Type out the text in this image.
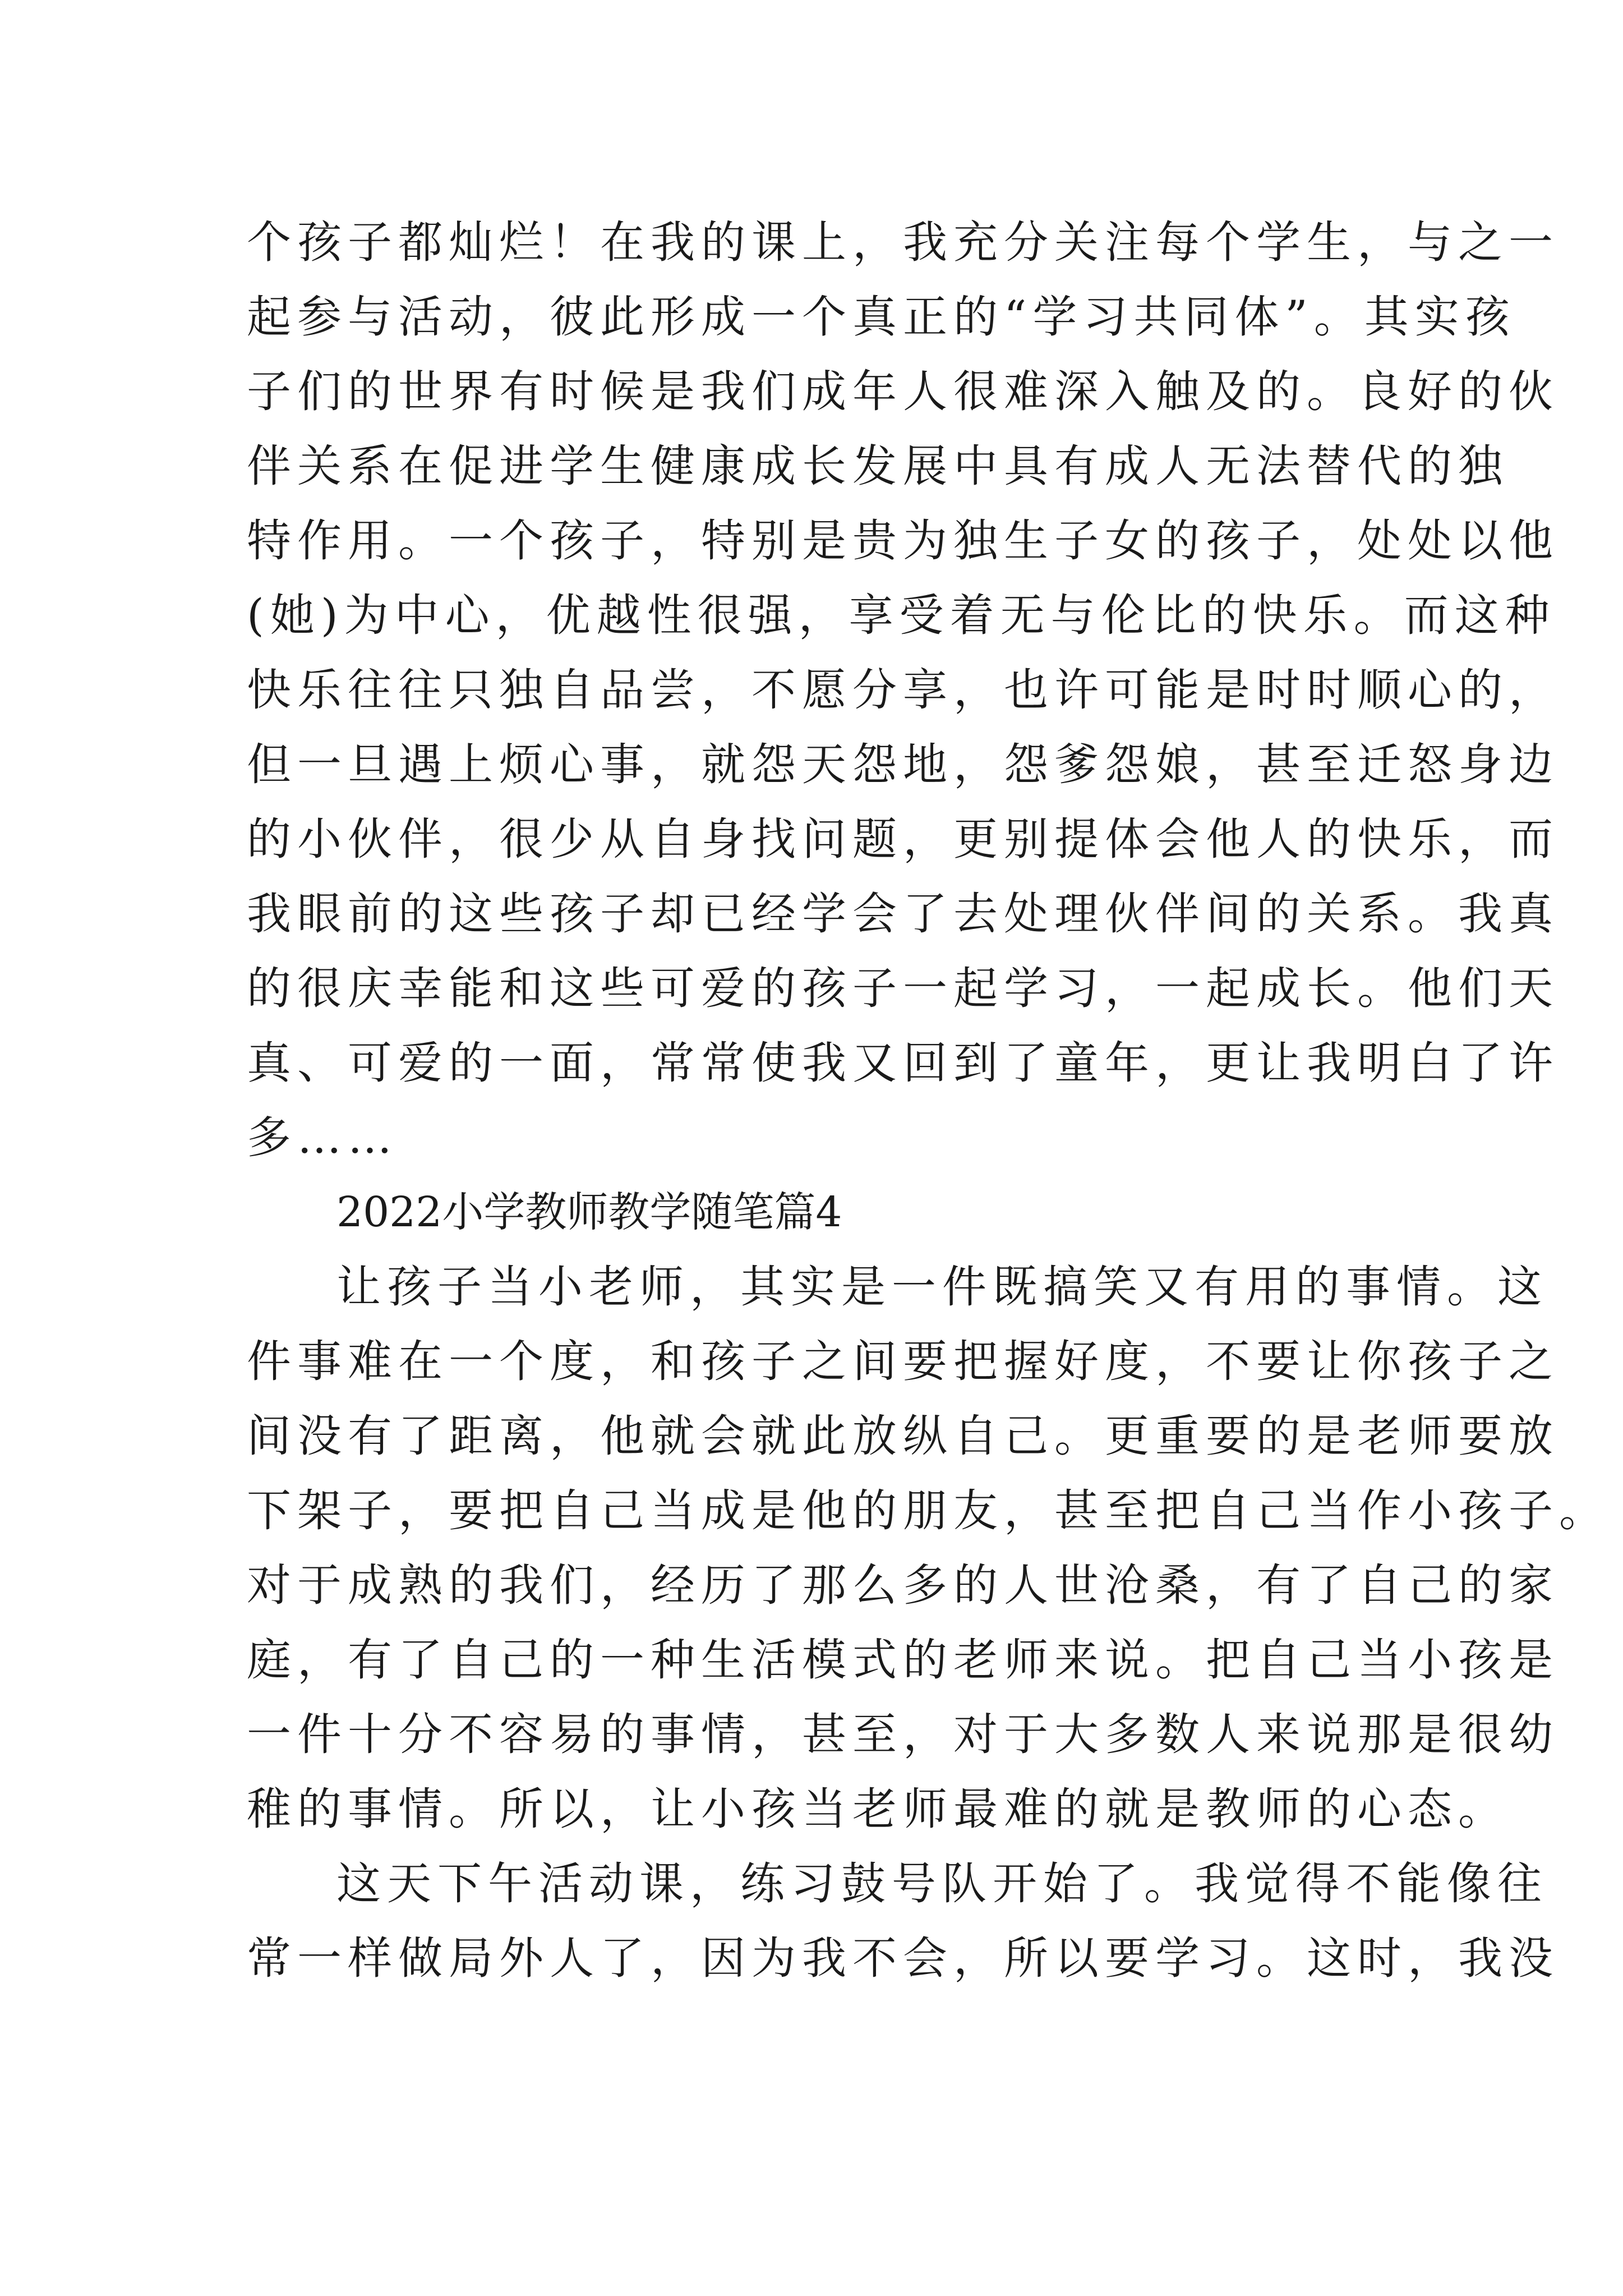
个孩子都灿烂！在我的课上，我充分关注每个学生，与之一
起参与活动，彼此形成一个真正的“学习共同体”。其实孩
子们的世界有时候是我们成年人很难深入触及的。良好的伙
伴关系在促进学生健康成长发展中具有成人无法替代的独
特作用。一个孩子，特别是贵为独生子女的孩子，处处以他
(她)为中心，优越性很强，享受着无与伦比的快乐。而这种
快乐往往只独自品尝，不愿分享，也许可能是时时顺心的，
但一旦遇上烦心事，就怨天怨地，怨爹怨娘，甚至迁怒身边
的小伙伴，很少从自身找问题，更别提体会他人的快乐，而
我眼前的这些孩子却已经学会了去处理伙伴间的关系。我真
的很庆幸能和这些可爱的孩子一起学习，一起成长。他们天
真、可爱的一面，常常使我又回到了童年，更让我明白了许
多……
2022小学教师教学随笔篇4
让孩子当小老师，其实是一件既搞笑又有用的事情。这
件事难在一个度，和孩子之间要把握好度，不要让你孩子之
间没有了距离，他就会就此放纵自己。更重要的是老师要放
下架子，要把自己当成是他的朋友，甚至把自己当作小孩子。
对于成熟的我们，经历了那么多的人世沧桑，有了自己的家
庭，有了自己的一种生活模式的老师来说。把自己当小孩是
一件十分不容易的事情，甚至，对于大多数人来说那是很幼
稚的事情。所以，让小孩当老师最难的就是教师的心态。
这天下午活动课，练习鼓号队开始了。我觉得不能像往
常一样做局外人了，因为我不会，所以要学习。这时，我没
